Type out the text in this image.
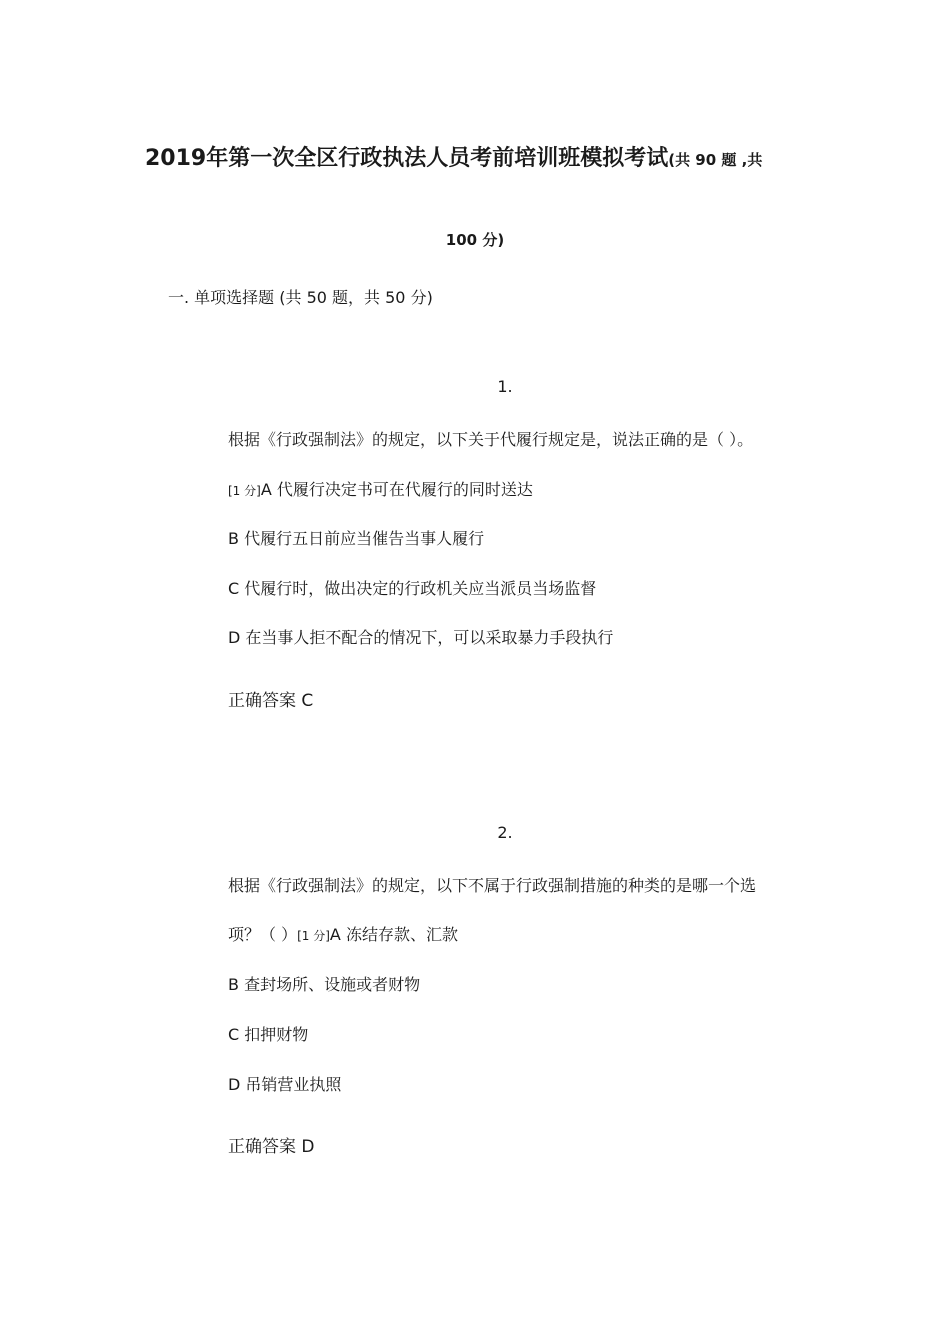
2019年第一次全区行政执法人员考前培训班模拟考试(共 90 题 ,共
100 分)
一. 单项选择题 (共 50 题，共 50 分)
1.
根据《行政强制法》的规定，以下关于代履行规定是，说法正确的是（ ）。
[1 分]A 代履行决定书可在代履行的同时送达
B 代履行五日前应当催告当事人履行
C 代履行时，做出决定的行政机关应当派员当场监督
D 在当事人拒不配合的情况下，可以采取暴力手段执行
正确答案 C
2.
根据《行政强制法》的规定，以下不属于行政强制措施的种类的是哪一个选
项？（ ）[1 分]A 冻结存款、汇款
B 查封场所、设施或者财物
C 扣押财物
D 吊销营业执照
正确答案 D
